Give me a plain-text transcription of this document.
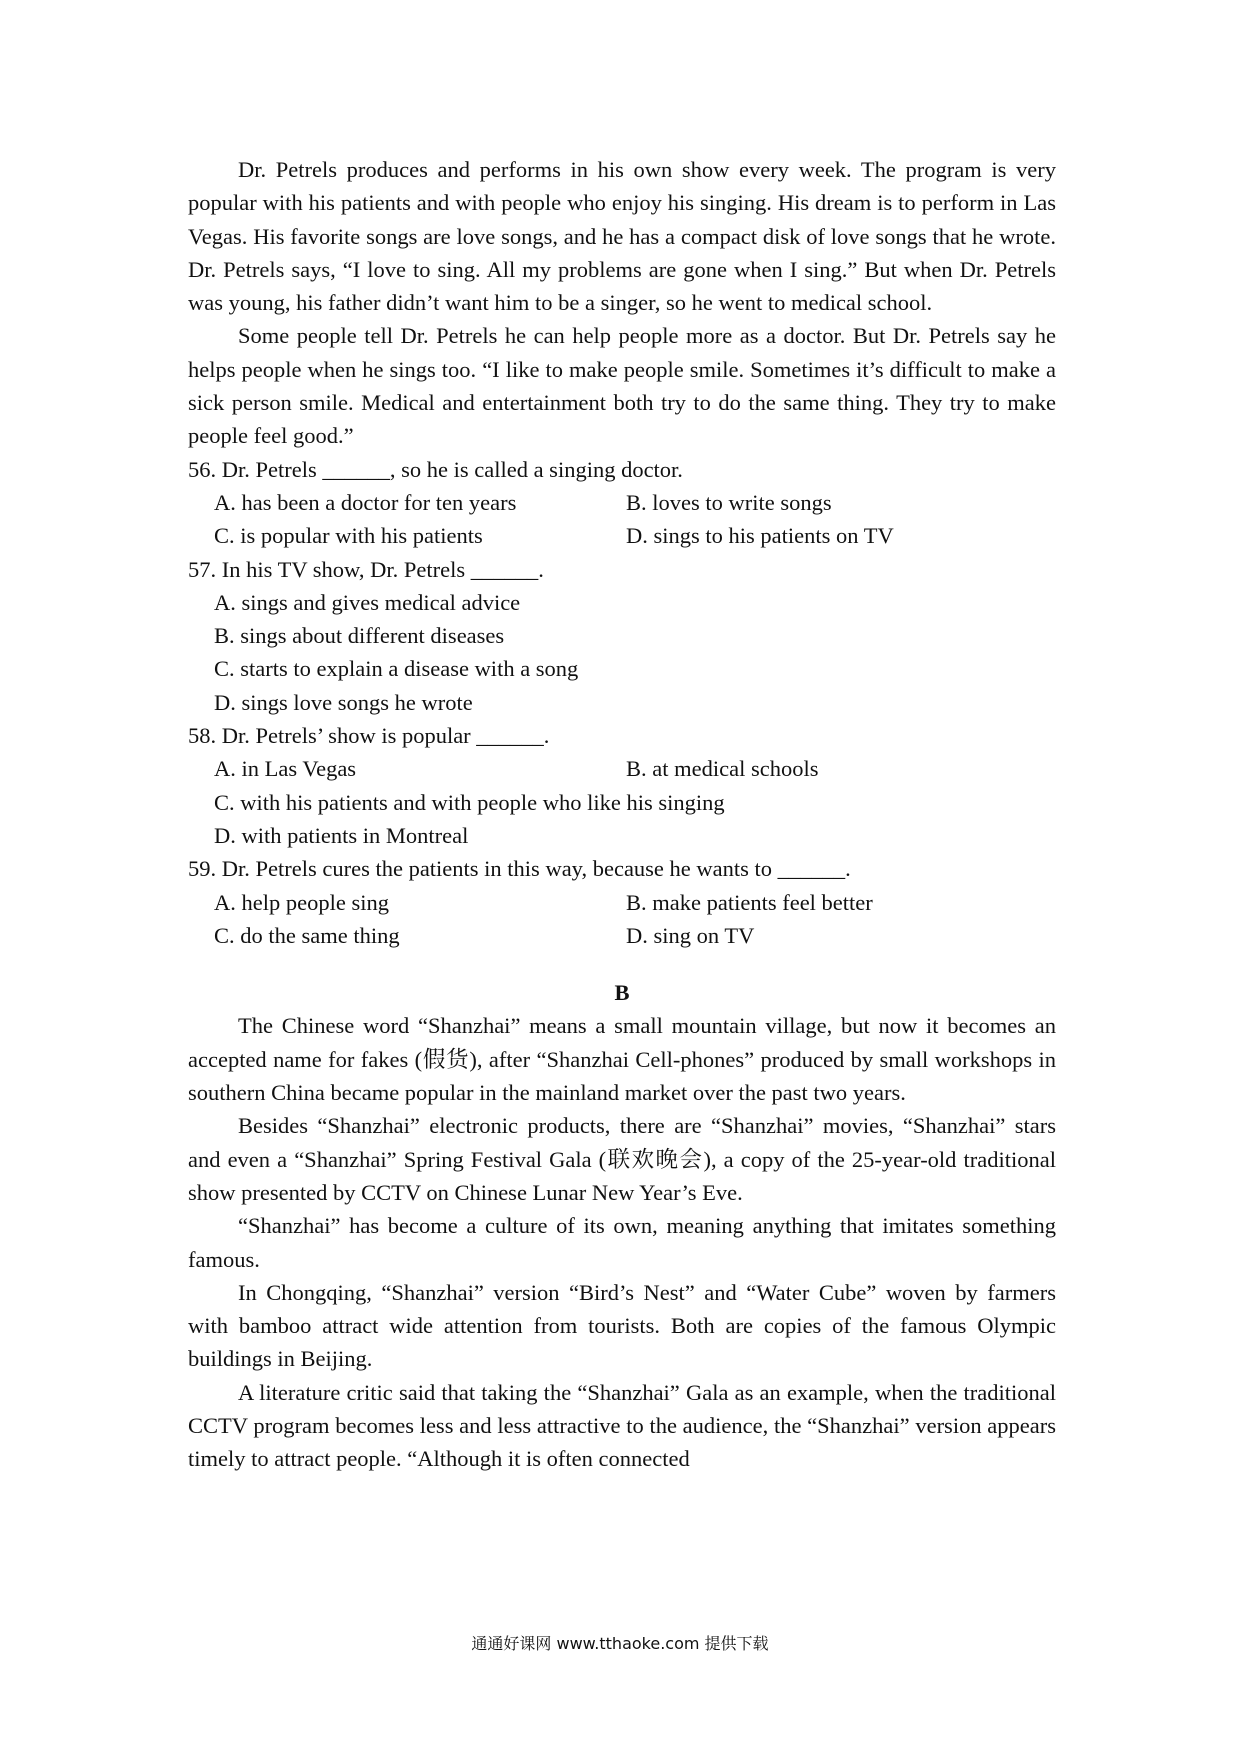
Dr. Petrels produces and performs in his own show every week. The program is very popular with his patients and with people who enjoy his singing. His dream is to perform in Las Vegas. His favorite songs are love songs, and he has a compact disk of love songs that he wrote. Dr. Petrels says, “I love to sing. All my problems are gone when I sing.” But when Dr. Petrels was young, his father didn’t want him to be a singer, so he went to medical school.

Some people tell Dr. Petrels he can help people more as a doctor. But Dr. Petrels say he helps people when he sings too. “I like to make people smile. Sometimes it’s difficult to make a sick person smile. Medical and entertainment both try to do the same thing. They try to make people feel good.”

56. Dr. Petrels ______, so he is called a singing doctor.

A. has been a doctor for ten years	B. loves to write songs
C. is popular with his patients	D. sings to his patients on TV

57. In his TV show, Dr. Petrels ______.

A. sings and gives medical advice

B. sings about different diseases

C. starts to explain a disease with a song

D. sings love songs he wrote

58. Dr. Petrels’ show is popular ______.

A. in Las Vegas	B. at medical schools

C. with his patients and with people who like his singing

D. with patients in Montreal

59. Dr. Petrels cures the patients in this way, because he wants to ______.

A. help people sing	B. make patients feel better
C. do the same thing	D. sing on TV

B

The Chinese word “Shanzhai” means a small mountain village, but now it becomes an accepted name for fakes (假货), after “Shanzhai Cell-phones” produced by small workshops in southern China became popular in the mainland market over the past two years.

Besides “Shanzhai” electronic products, there are “Shanzhai” movies, “Shanzhai” stars and even a “Shanzhai” Spring Festival Gala (联欢晚会), a copy of the 25-year-old traditional show presented by CCTV on Chinese Lunar New Year’s Eve.

“Shanzhai” has become a culture of its own, meaning anything that imitates something famous.

In Chongqing, “Shanzhai” version “Bird’s Nest” and “Water Cube” woven by farmers with bamboo attract wide attention from tourists. Both are copies of the famous Olympic buildings in Beijing.

A literature critic said that taking the “Shanzhai” Gala as an example, when the traditional CCTV program becomes less and less attractive to the audience, the “Shanzhai” version appears timely to attract people. “Although it is often connected

通通好课网 www.tthaoke.com 提供下载
